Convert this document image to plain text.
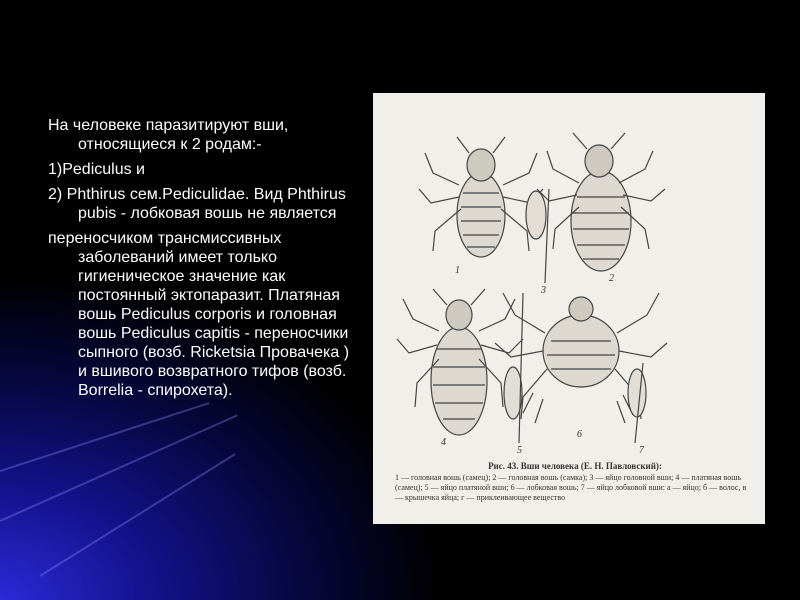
На человеке паразитируют вши, относящиеся к 2 родам:-

1)Pediculus и

2) Phthirus сем.Pediculidae. Вид Phthirus pubis - лобковая вошь не является

переносчиком трансмиссивных заболеваний имеет только гигиеническое значение как постоянный эктопаразит. Платяная вошь Pediculus corporis и головная вошь Pediculus capitis - переносчики сыпного (возб. Ricketsia Провачека ) и вшивого возвратного тифов (возб. Borrelia - спирохета).

1
2
3
4
5
6
7
Рис. 43. Вши человека (Е. Н. Павловский):
1 — головная вошь (самец); 2 — головная вошь (самка); 3 — яйцо головной вши; 4 — платяная вошь (самец); 5 — яйцо платяной вши; 6 — лобковая вошь; 7 — яйцо лобковой вши: а — яйцо; б — волос, в — крышечка яйца; г — приклеивающее вещество
